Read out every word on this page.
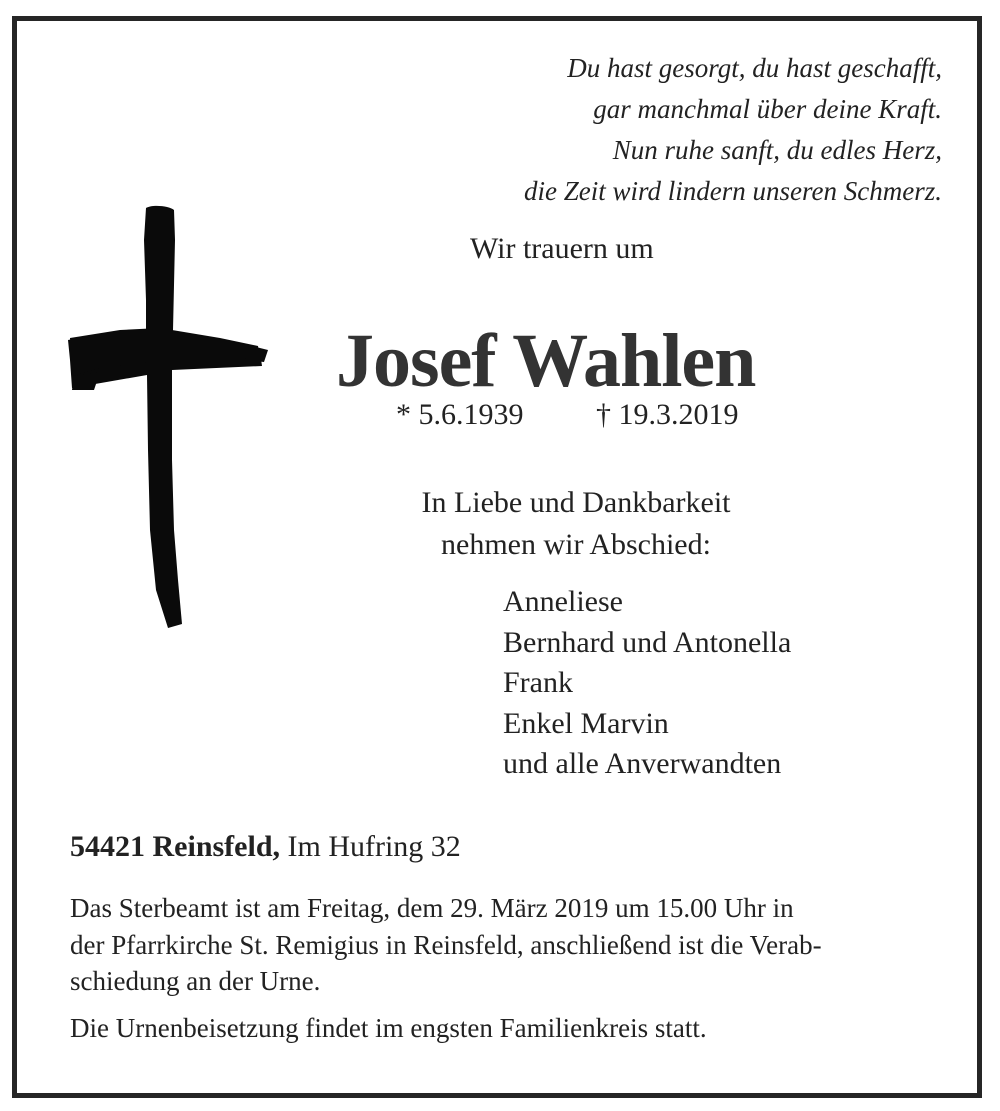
Du hast gesorgt, du hast geschafft,
gar manchmal über deine Kraft.
Nun ruhe sanft, du edles Herz,
die Zeit wird lindern unseren Schmerz.
Wir trauern um
Josef Wahlen
* 5.6.1939 † 19.3.2019
In Liebe und Dankbarkeit
nehmen wir Abschied:
Anneliese
Bernhard und Antonella
Frank
Enkel Marvin
und alle Anverwandten
54421 Reinsfeld, Im Hufring 32
Das Sterbeamt ist am Freitag, dem 29. März 2019 um 15.00 Uhr in
der Pfarrkirche St. Remigius in Reinsfeld, anschließend ist die Verab-
schiedung an der Urne.
Die Urnenbeisetzung findet im engsten Familienkreis statt.
